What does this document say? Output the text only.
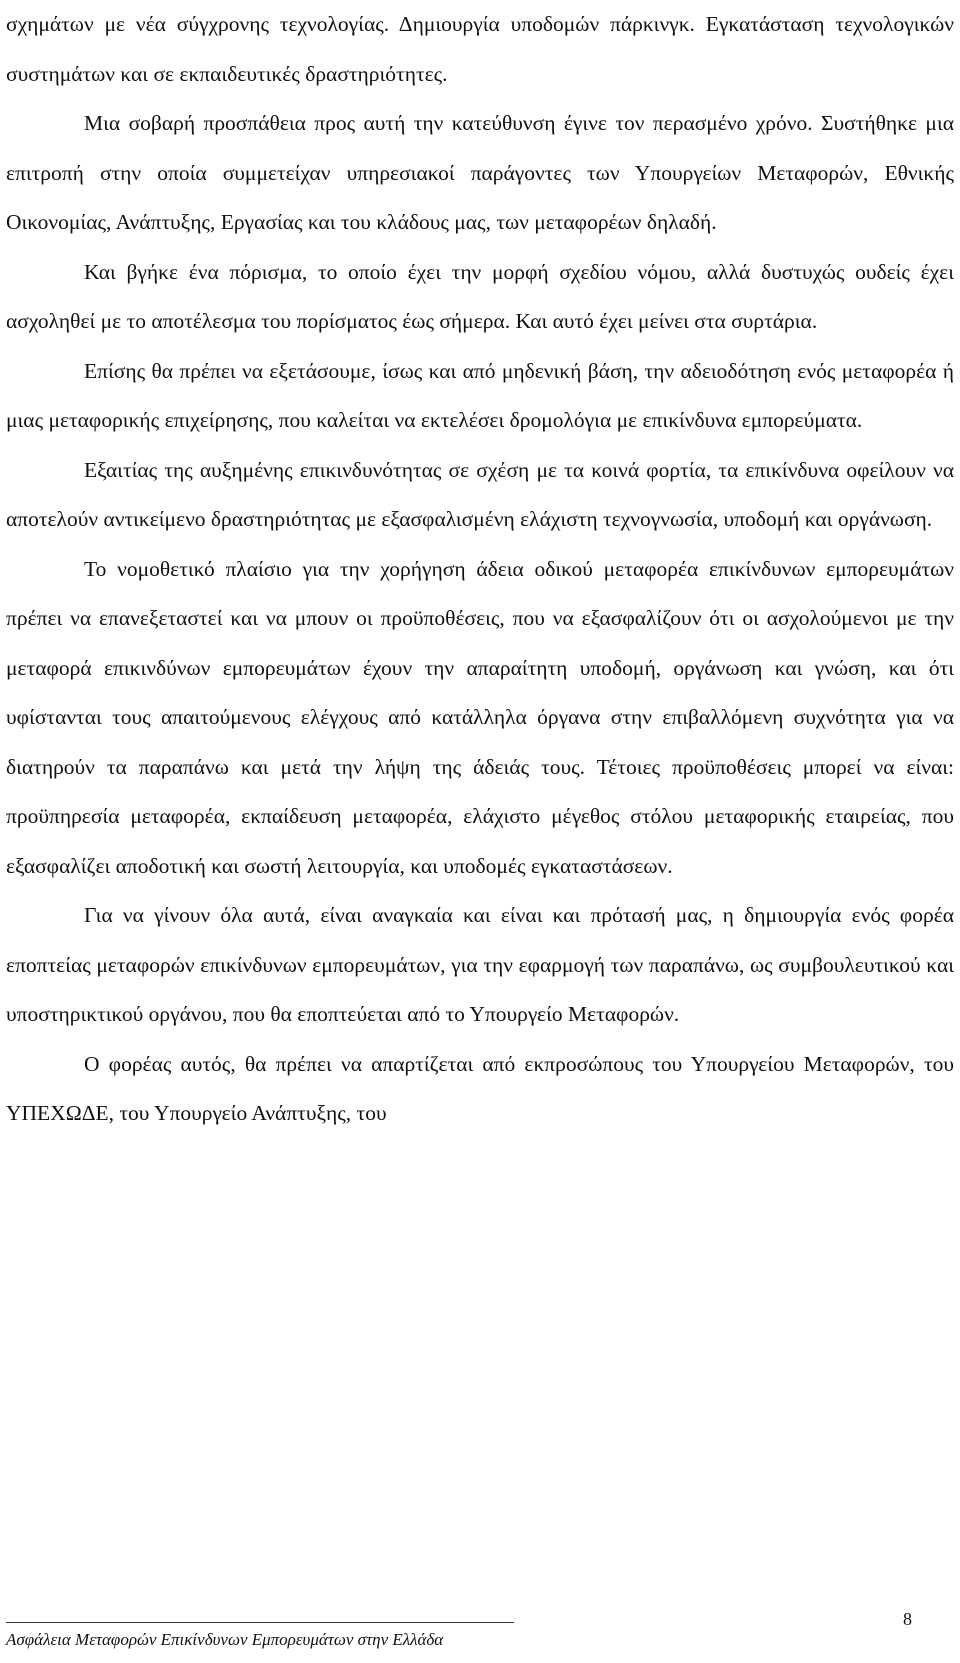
σχημάτων με νέα σύγχρονης τεχνολογίας. Δημιουργία υποδομών πάρκινγκ. Εγκατάσταση τεχνολογικών συστημάτων και σε εκπαιδευτικές δραστηριότητες.

Μια σοβαρή προσπάθεια προς αυτή την κατεύθυνση έγινε τον περασμένο χρόνο. Συστήθηκε μια επιτροπή στην οποία συμμετείχαν υπηρεσιακοί παράγοντες των Υπουργείων Μεταφορών, Εθνικής Οικονομίας, Ανάπτυξης, Εργασίας και του κλάδους μας, των μεταφορέων δηλαδή.

Και βγήκε ένα πόρισμα, το οποίο έχει την μορφή σχεδίου νόμου, αλλά δυστυχώς ουδείς έχει ασχοληθεί με το αποτέλεσμα του πορίσματος έως σήμερα. Και αυτό έχει μείνει στα συρτάρια.

Επίσης θα πρέπει να εξετάσουμε, ίσως και από μηδενική βάση, την αδειοδότηση ενός μεταφορέα ή μιας μεταφορικής επιχείρησης, που καλείται να εκτελέσει δρομολόγια με επικίνδυνα εμπορεύματα.

Εξαιτίας της αυξημένης επικινδυνότητας σε σχέση με τα κοινά φορτία, τα επικίνδυνα οφείλουν να αποτελούν αντικείμενο δραστηριότητας με εξασφαλισμένη ελάχιστη τεχνογνωσία, υποδομή και οργάνωση.

Το νομοθετικό πλαίσιο για την χορήγηση άδεια οδικού μεταφορέα επικίνδυνων εμπορευμάτων πρέπει να επανεξεταστεί και να μπουν οι προϋποθέσεις, που να εξασφαλίζουν ότι οι ασχολούμενοι με την μεταφορά επικινδύνων εμπορευμάτων έχουν την απαραίτητη υποδομή, οργάνωση και γνώση, και ότι υφίστανται τους απαιτούμενους ελέγχους από κατάλληλα όργανα στην επιβαλλόμενη συχνότητα για να διατηρούν τα παραπάνω και μετά την λήψη της άδειάς τους. Τέτοιες προϋποθέσεις μπορεί να είναι: προϋπηρεσία μεταφορέα, εκπαίδευση μεταφορέα, ελάχιστο μέγεθος στόλου μεταφορικής εταιρείας, που εξασφαλίζει αποδοτική και σωστή λειτουργία, και υποδομές εγκαταστάσεων.

Για να γίνουν όλα αυτά, είναι αναγκαία και είναι και πρότασή μας, η δημιουργία ενός φορέα εποπτείας μεταφορών επικίνδυνων εμπορευμάτων, για την εφαρμογή των παραπάνω, ως συμβουλευτικού και υποστηρικτικού οργάνου, που θα εποπτεύεται από το Υπουργείο Μεταφορών.

Ο φορέας αυτός, θα πρέπει να απαρτίζεται από εκπροσώπους του Υπουργείου Μεταφορών, του ΥΠΕΧΩΔΕ, του Υπουργείο Ανάπτυξης, του

Ασφάλεια Μεταφορών Επικίνδυνων Εμπορευμάτων στην Ελλάδα
8
